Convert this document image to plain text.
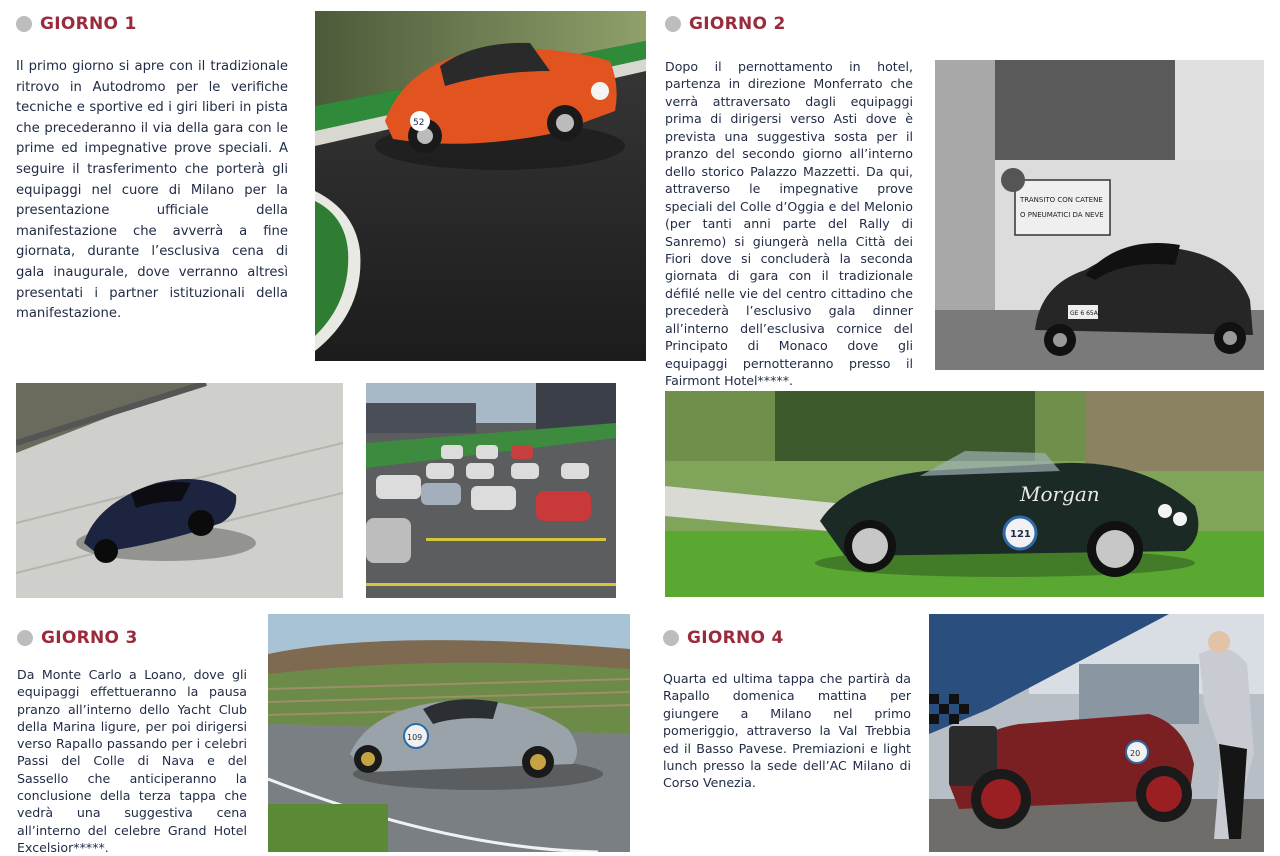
GIORNO 1
Il primo giorno si apre con il tradizionale ritrovo in Autodromo per le verifiche tecniche e sportive ed i giri liberi in pista che precederanno il via della gara con le prime ed impegnative prove speciali. A seguire il trasferimento che porterà gli equipaggi nel cuore di Milano per la presentazione ufficiale della manifestazione che avverrà a fine giornata, durante l’esclusiva cena di gala inaugurale, dove verranno altresì presentati i partner istituzionali della manifestazione.
52
GIORNO 2
Dopo il pernottamento in hotel, partenza in direzione Monferrato che verrà attraversato dagli equipaggi prima di dirigersi verso Asti dove è prevista una suggestiva sosta per il pranzo del secondo giorno all’interno dello storico Palazzo Mazzetti. Da qui, attraverso le impegnative prove speciali del Colle d’Oggia e del Melonio (per tanti anni parte del Rally di Sanremo) si giungerà nella Città dei Fiori dove si concluderà la seconda giornata di gara con il tradizionale défilé nelle vie del centro cittadino che precederà l’esclusivo gala dinner all’interno dell’esclusiva cornice del Principato di Monaco dove gli equipaggi pernotteranno presso il Fairmont Hotel*****.
TRANSITO CON CATENE
O PNEUMATICI DA NEVE
GE 6 65AL
121
Morgan
GIORNO 3
Da Monte Carlo a Loano, dove gli equipaggi effettueranno la pausa pranzo all’interno dello Yacht Club della Marina ligure, per poi dirigersi verso Rapallo passando per i celebri Passi del Colle di Nava e del Sassello che anticiperanno la conclusione della terza tappa che vedrà una suggestiva cena all’interno del celebre Grand Hotel Excelsior*****.
109
GIORNO 4
Quarta ed ultima tappa che partirà da Rapallo domenica mattina per giungere a Milano nel primo pomeriggio, attraverso la Val Trebbia ed il Basso Pavese. Premiazioni e light lunch presso la sede dell’AC Milano di Corso Venezia.
20
